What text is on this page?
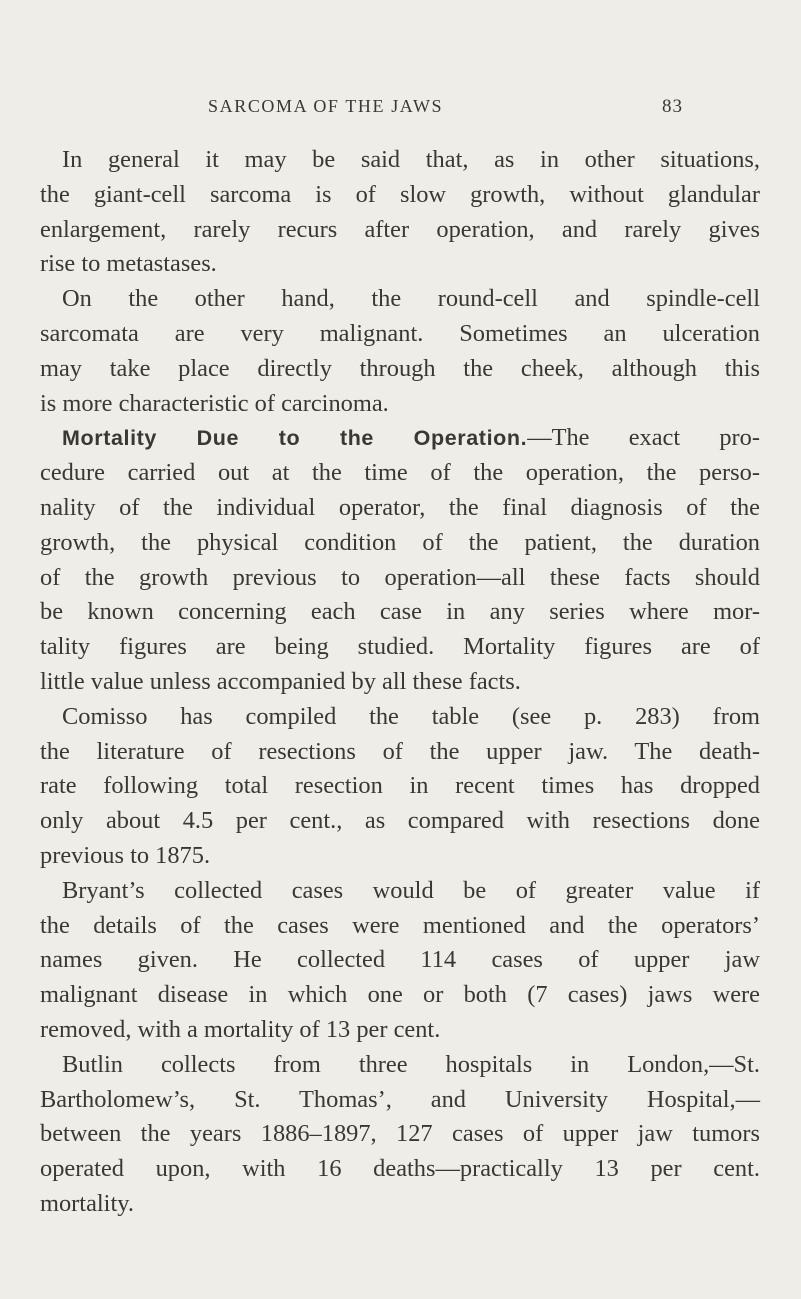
SARCOMA OF THE JAWS	83
In general it may be said that, as in other situations,
the giant-cell sarcoma is of slow growth, without glandular
enlargement, rarely recurs after operation, and rarely gives
rise to metastases.
On the other hand, the round-cell and spindle-cell
sarcomata are very malignant. Sometimes an ulceration
may take place directly through the cheek, although this
is more characteristic of carcinoma.
Mortality Due to the Operation.—The exact pro-
cedure carried out at the time of the operation, the perso-
nality of the individual operator, the final diagnosis of the
growth, the physical condition of the patient, the duration
of the growth previous to operation—all these facts should
be known concerning each case in any series where mor-
tality figures are being studied. Mortality figures are of
little value unless accompanied by all these facts.
Comisso has compiled the table (see p. 283) from
the literature of resections of the upper jaw. The death-
rate following total resection in recent times has dropped
only about 4.5 per cent., as compared with resections done
previous to 1875.
Bryant’s collected cases would be of greater value if
the details of the cases were mentioned and the operators’
names given. He collected 114 cases of upper jaw
malignant disease in which one or both (7 cases) jaws were
removed, with a mortality of 13 per cent.
Butlin collects from three hospitals in London,—St.
Bartholomew’s, St. Thomas’, and University Hospital,—
between the years 1886–1897, 127 cases of upper jaw tumors
operated upon, with 16 deaths—practically 13 per cent.
mortality.
